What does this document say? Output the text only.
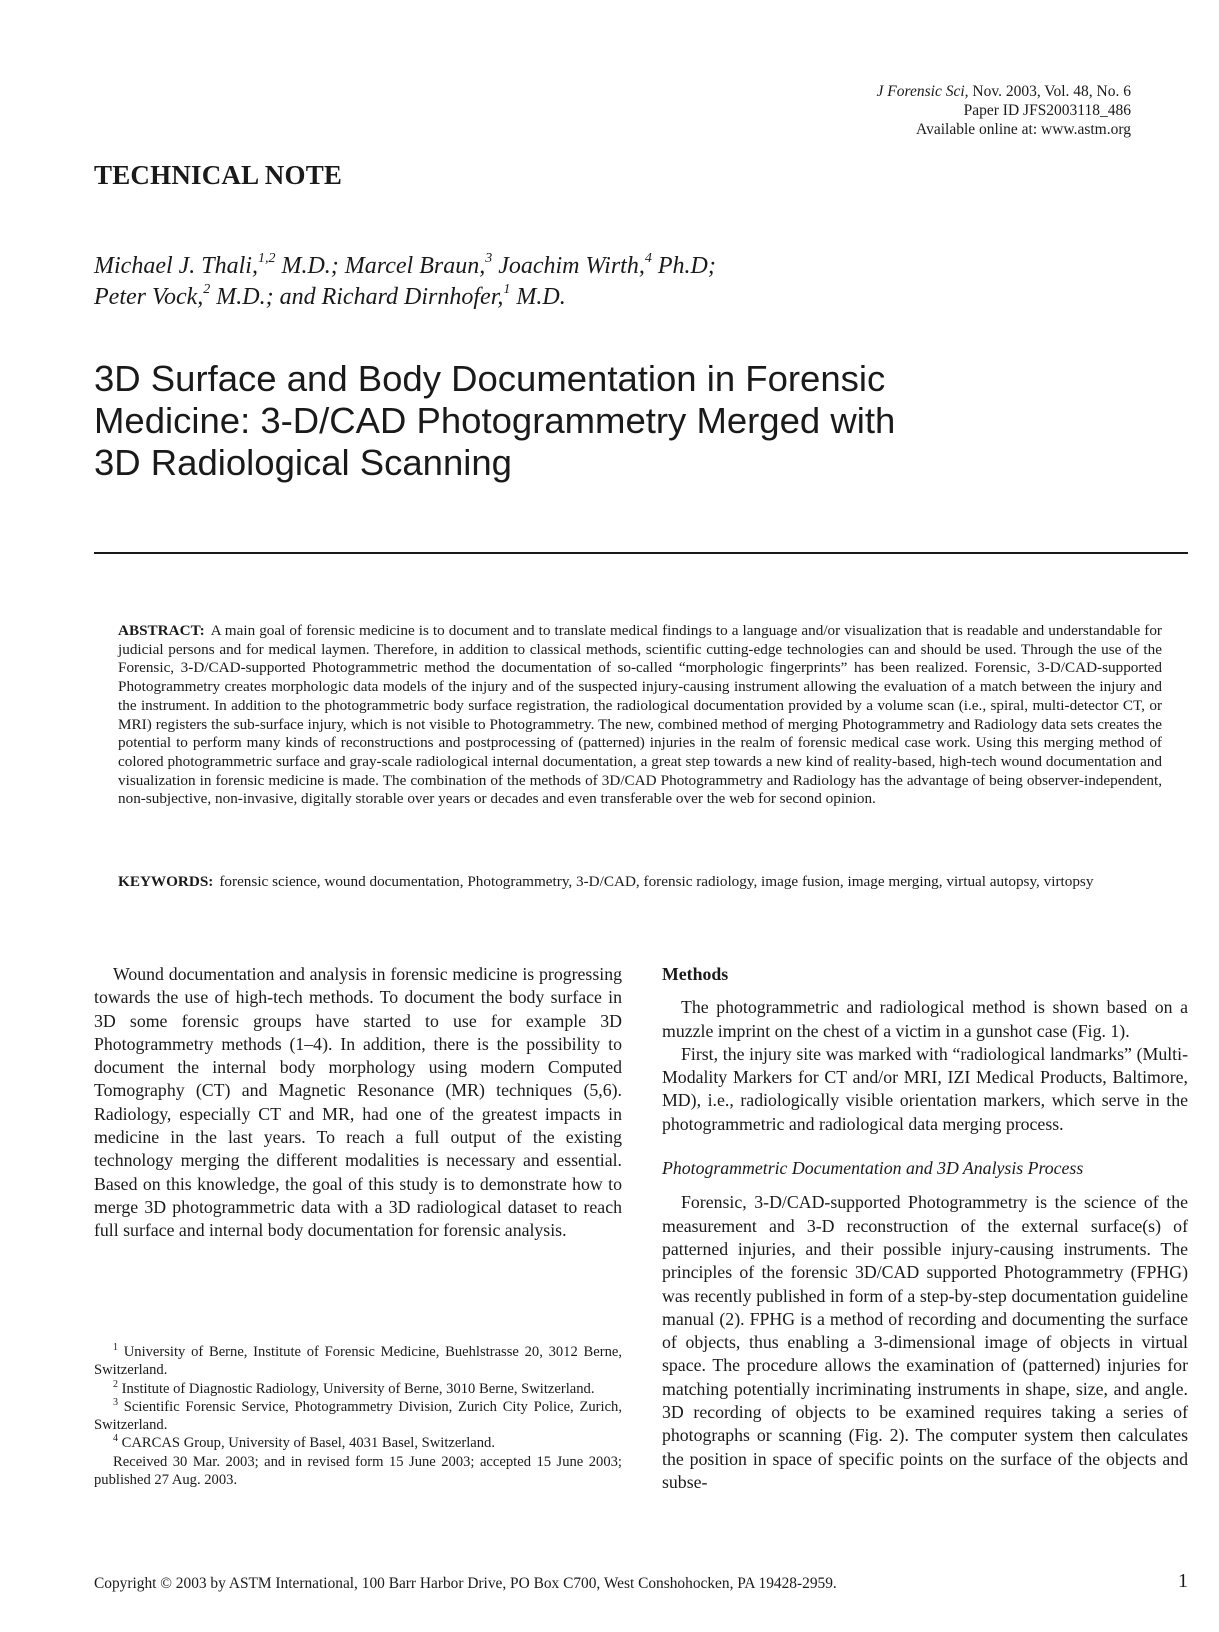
J Forensic Sci, Nov. 2003, Vol. 48, No. 6
Paper ID JFS2003118_486
Available online at: www.astm.org
TECHNICAL NOTE
Michael J. Thali,$^{1,2}$ M.D.; Marcel Braun,$^3$ Joachim Wirth,$^4$ Ph.D;
Peter Vock,$^2$ M.D.; and Richard Dirnhofer,$^1$ M.D.
3D Surface and Body Documentation in Forensic
Medicine: 3-D/CAD Photogrammetry Merged with
3D Radiological Scanning
ABSTRACT: A main goal of forensic medicine is to document and to translate medical findings to a language and/or visualization that is readable and understandable for judicial persons and for medical laymen. Therefore, in addition to classical methods, scientific cutting-edge technologies can and should be used. Through the use of the Forensic, 3-D/CAD-supported Photogrammetric method the documentation of so-called “morphologic fingerprints” has been realized. Forensic, 3-D/CAD-supported Photogrammetry creates morphologic data models of the injury and of the suspected injury-causing instrument allowing the evaluation of a match between the injury and the instrument. In addition to the photogrammetric body surface registration, the radiological documentation provided by a volume scan (i.e., spiral, multi-detector CT, or MRI) registers the sub-surface injury, which is not visible to Photogrammetry. The new, combined method of merging Photogrammetry and Radiology data sets creates the potential to perform many kinds of reconstructions and postprocessing of (patterned) injuries in the realm of forensic medical case work. Using this merging method of colored photogrammetric surface and gray-scale radiological internal documentation, a great step towards a new kind of reality-based, high-tech wound documentation and visualization in forensic medicine is made. The combination of the methods of 3D/CAD Photogrammetry and Radiology has the advantage of being observer-independent, non-subjective, non-invasive, digitally storable over years or decades and even transferable over the web for second opinion.
KEYWORDS: forensic science, wound documentation, Photogrammetry, 3-D/CAD, forensic radiology, image fusion, image merging, virtual autopsy, virtopsy

Wound documentation and analysis in forensic medicine is progressing towards the use of high-tech methods. To document the body surface in 3D some forensic groups have started to use for example 3D Photogrammetry methods (1–4). In addition, there is the possibility to document the internal body morphology using modern Computed Tomography (CT) and Magnetic Resonance (MR) techniques (5,6). Radiology, especially CT and MR, had one of the greatest impacts in medicine in the last years. To reach a full output of the existing technology merging the different modalities is necessary and essential. Based on this knowledge, the goal of this study is to demonstrate how to merge 3D photogrammetric data with a 3D radiological dataset to reach full surface and internal body documentation for forensic analysis.

$^1$ University of Berne, Institute of Forensic Medicine, Buehlstrasse 20, 3012 Berne, Switzerland.

$^2$ Institute of Diagnostic Radiology, University of Berne, 3010 Berne, Switzerland.

$^3$ Scientific Forensic Service, Photogrammetry Division, Zurich City Police, Zurich, Switzerland.

$^4$ CARCAS Group, University of Basel, 4031 Basel, Switzerland.

Received 30 Mar. 2003; and in revised form 15 June 2003; accepted 15 June 2003; published 27 Aug. 2003.

Methods

The photogrammetric and radiological method is shown based on a muzzle imprint on the chest of a victim in a gunshot case (Fig. 1).

First, the injury site was marked with “radiological landmarks” (Multi-Modality Markers for CT and/or MRI, IZI Medical Products, Baltimore, MD), i.e., radiologically visible orientation markers, which serve in the photogrammetric and radiological data merging process.

Photogrammetric Documentation and 3D Analysis Process

Forensic, 3-D/CAD-supported Photogrammetry is the science of the measurement and 3-D reconstruction of the external surface(s) of patterned injuries, and their possible injury-causing instruments. The principles of the forensic 3D/CAD supported Photogrammetry (FPHG) was recently published in form of a step-by-step documentation guideline manual (2). FPHG is a method of recording and documenting the surface of objects, thus enabling a 3-dimensional image of objects in virtual space. The procedure allows the examination of (patterned) injuries for matching potentially incriminating instruments in shape, size, and angle. 3D recording of objects to be examined requires taking a series of photographs or scanning (Fig. 2). The computer system then calculates the position in space of specific points on the surface of the objects and subse-

Copyright © 2003 by ASTM International, 100 Barr Harbor Drive, PO Box C700, West Conshohocken, PA 19428-2959.	1
